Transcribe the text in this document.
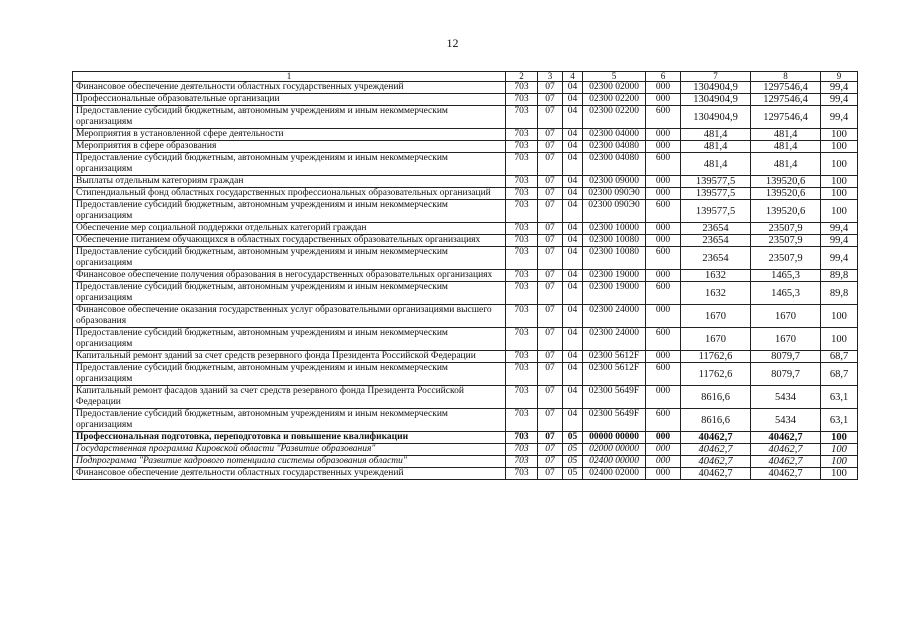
12
1	2	3	4	5	6	7	8	9
Финансовое обеспечение деятельности областных государственных учреждений	703	07	04	02300 02000	000	1304904,9	1297546,4	99,4
Профессиональные образовательные организации	703	07	04	02300 02200	000	1304904,9	1297546,4	99,4
Предоставление субсидий бюджетным, автономным учреждениям и иным некоммерческим организациям	703	07	04	02300 02200	600	1304904,9	1297546,4	99,4
Мероприятия в установленной сфере деятельности	703	07	04	02300 04000	000	481,4	481,4	100
Мероприятия в сфере образования	703	07	04	02300 04080	000	481,4	481,4	100
Предоставление субсидий бюджетным, автономным учреждениям и иным некоммерческим организациям	703	07	04	02300 04080	600	481,4	481,4	100
Выплаты отдельным категориям граждан	703	07	04	02300 09000	000	139577,5	139520,6	100
Стипендиальный фонд областных государственных профессиональных образовательных организаций	703	07	04	02300 090Э0	000	139577,5	139520,6	100
Предоставление субсидий бюджетным, автономным учреждениям и иным некоммерческим организациям	703	07	04	02300 090Э0	600	139577,5	139520,6	100
Обеспечение мер социальной поддержки отдельных категорий граждан	703	07	04	02300 10000	000	23654	23507,9	99,4
Обеспечение питанием обучающихся в областных государственных образовательных организациях	703	07	04	02300 10080	000	23654	23507,9	99,4
Предоставление субсидий бюджетным, автономным учреждениям и иным некоммерческим организациям	703	07	04	02300 10080	600	23654	23507,9	99,4
Финансовое обеспечение получения образования в негосударственных образовательных организациях	703	07	04	02300 19000	000	1632	1465,3	89,8
Предоставление субсидий бюджетным, автономным учреждениям и иным некоммерческим организациям	703	07	04	02300 19000	600	1632	1465,3	89,8
Финансовое обеспечение оказания государственных услуг образовательными организациями высшего образования	703	07	04	02300 24000	000	1670	1670	100
Предоставление субсидий бюджетным, автономным учреждениям и иным некоммерческим организациям	703	07	04	02300 24000	600	1670	1670	100
Капитальный ремонт зданий за счет средств резервного фонда Президента Российской Федерации	703	07	04	02300 5612F	000	11762,6	8079,7	68,7
Предоставление субсидий бюджетным, автономным учреждениям и иным некоммерческим организациям	703	07	04	02300 5612F	600	11762,6	8079,7	68,7
Капитальный ремонт фасадов зданий за счет средств резервного фонда Президента Российской Федерации	703	07	04	02300 5649F	000	8616,6	5434	63,1
Предоставление субсидий бюджетным, автономным учреждениям и иным некоммерческим организациям	703	07	04	02300 5649F	600	8616,6	5434	63,1
Профессиональная подготовка, переподготовка и повышение квалификации	703	07	05	00000 00000	000	40462,7	40462,7	100
Государственная программа Кировской области "Развитие образования"	703	07	05	02000 00000	000	40462,7	40462,7	100
Подпрограмма "Развитие кадрового потенциала системы образования области"	703	07	05	02400 00000	000	40462,7	40462,7	100
Финансовое обеспечение деятельности областных государственных учреждений	703	07	05	02400 02000	000	40462,7	40462,7	100
